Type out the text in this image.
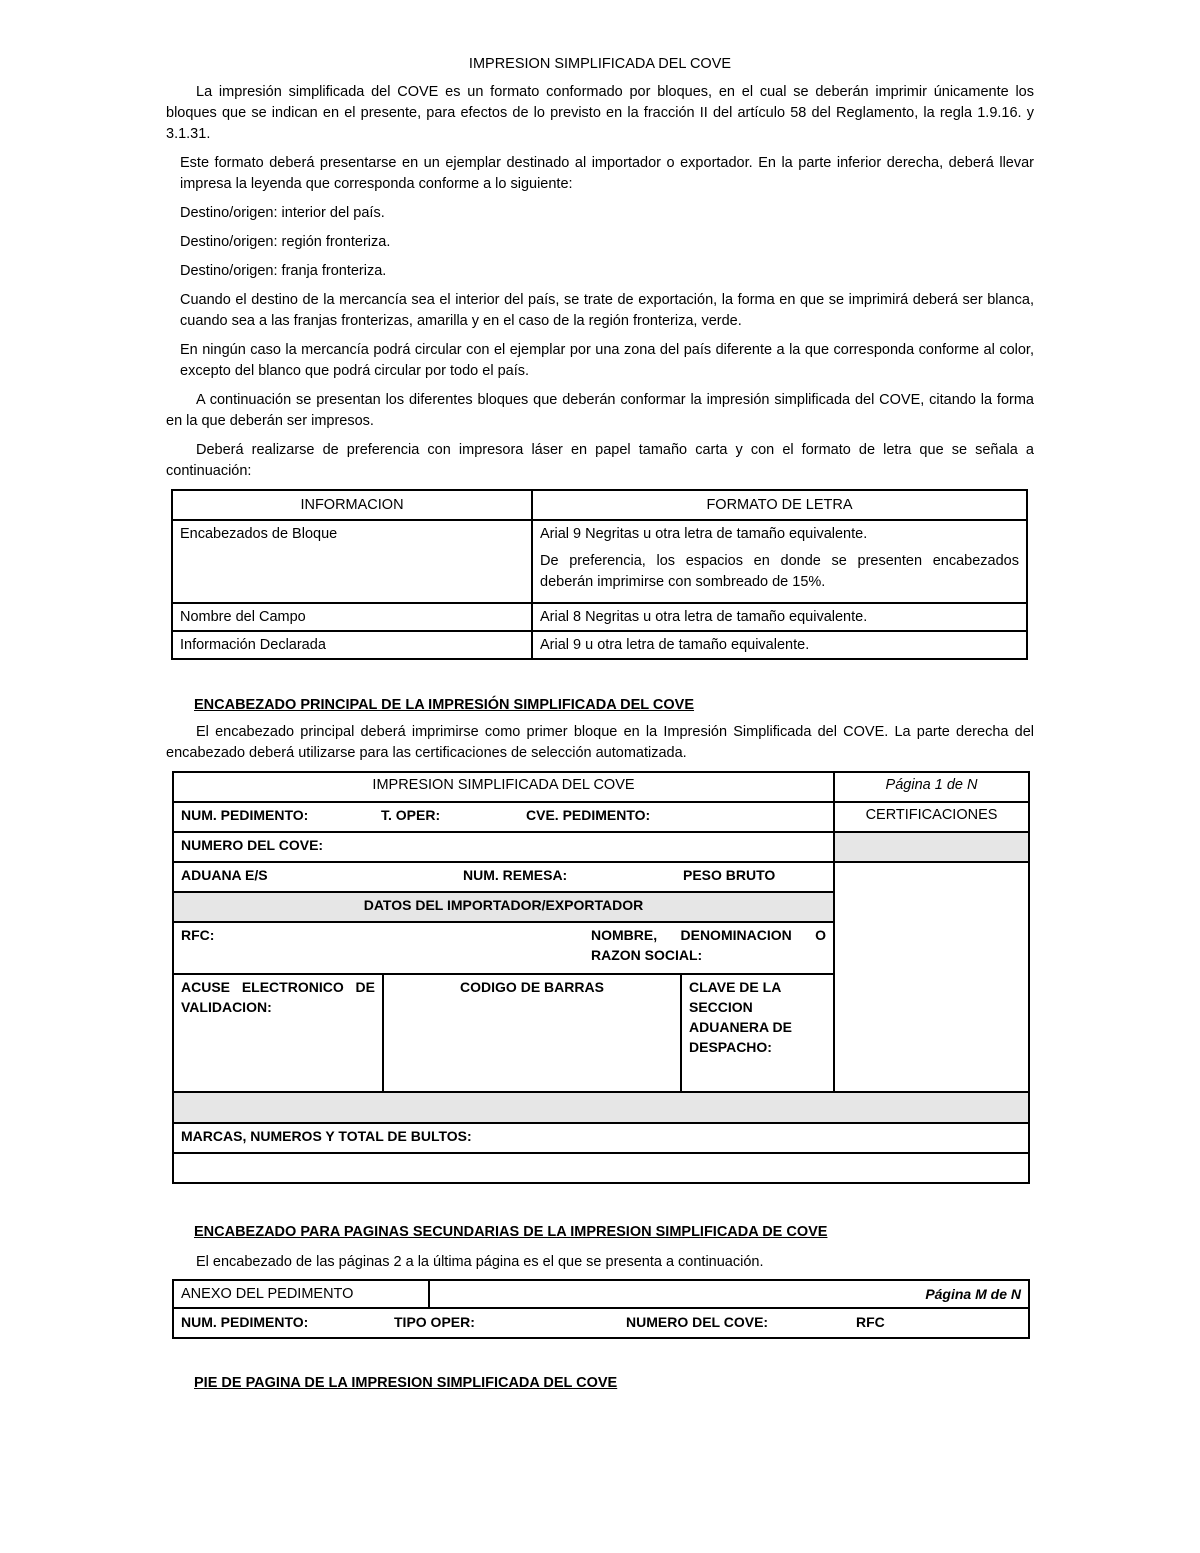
IMPRESION SIMPLIFICADA DEL COVE

La impresión simplificada del COVE es un formato conformado por bloques, en el cual se deberán imprimir únicamente los bloques que se indican en el presente, para efectos de lo previsto en la fracción II del artículo 58 del Reglamento, la regla 1.9.16. y 3.1.31.

Este formato deberá presentarse en un ejemplar destinado al importador o exportador. En la parte inferior derecha, deberá llevar impresa la leyenda que corresponda conforme a lo siguiente:

Destino/origen: interior del país.

Destino/origen: región fronteriza.

Destino/origen: franja fronteriza.

Cuando el destino de la mercancía sea el interior del país, se trate de exportación, la forma en que se imprimirá deberá ser blanca, cuando sea a las franjas fronterizas, amarilla y en el caso de la región fronteriza, verde.

En ningún caso la mercancía podrá circular con el ejemplar por una zona del país diferente a la que corresponda conforme al color, excepto del blanco que podrá circular por todo el país.

A continuación se presentan los diferentes bloques que deberán conformar la impresión simplificada del COVE, citando la forma en la que deberán ser impresos.

Deberá realizarse de preferencia con impresora láser en papel tamaño carta y con el formato de letra que se señala a continuación:

INFORMACION	FORMATO DE LETRA
Encabezados de Bloque	Arial 9 Negritas u otra letra de tamaño equivalente.

De preferencia, los espacios en donde se presenten encabezados deberán imprimirse con sombreado de 15%.

Nombre del Campo	Arial 8 Negritas u otra letra de tamaño equivalente.
Información Declarada	Arial 9 u otra letra de tamaño equivalente.

ENCABEZADO PRINCIPAL DE LA IMPRESIÓN SIMPLIFICADA DEL COVE

El encabezado principal deberá imprimirse como primer bloque en la Impresión Simplificada del COVE. La parte derecha del encabezado deberá utilizarse para las certificaciones de selección automatizada.

IMPRESION SIMPLIFICADA DEL COVE			Página 1 de N
NUM. PEDIMENTO: T. OPER: CVE. PEDIMENTO:			CERTIFICACIONES
NUMERO DEL COVE:			
ADUANA E/S NUM. REMESA: PESO BRUTO			
DATOS DEL IMPORTADOR/EXPORTADOR			

RFC: NOMBRE, DENOMINACION O RAZON SOCIAL:			

ACUSE ELECTRONICO DE VALIDACION:	CODIGO DE BARRAS	CLAVE DE LA SECCION ADUANERA DE DESPACHO:	

MARCAS, NUMEROS Y TOTAL DE BULTOS:			

ENCABEZADO PARA PAGINAS SECUNDARIAS DE LA IMPRESION SIMPLIFICADA DE COVE

El encabezado de las páginas 2 a la última página es el que se presenta a continuación.

ANEXO DEL PEDIMENTO	Página M de N
NUM. PEDIMENTO:	TIPO OPER:	NUMERO DEL COVE:	RFC

PIE DE PAGINA DE LA IMPRESION SIMPLIFICADA DEL COVE
